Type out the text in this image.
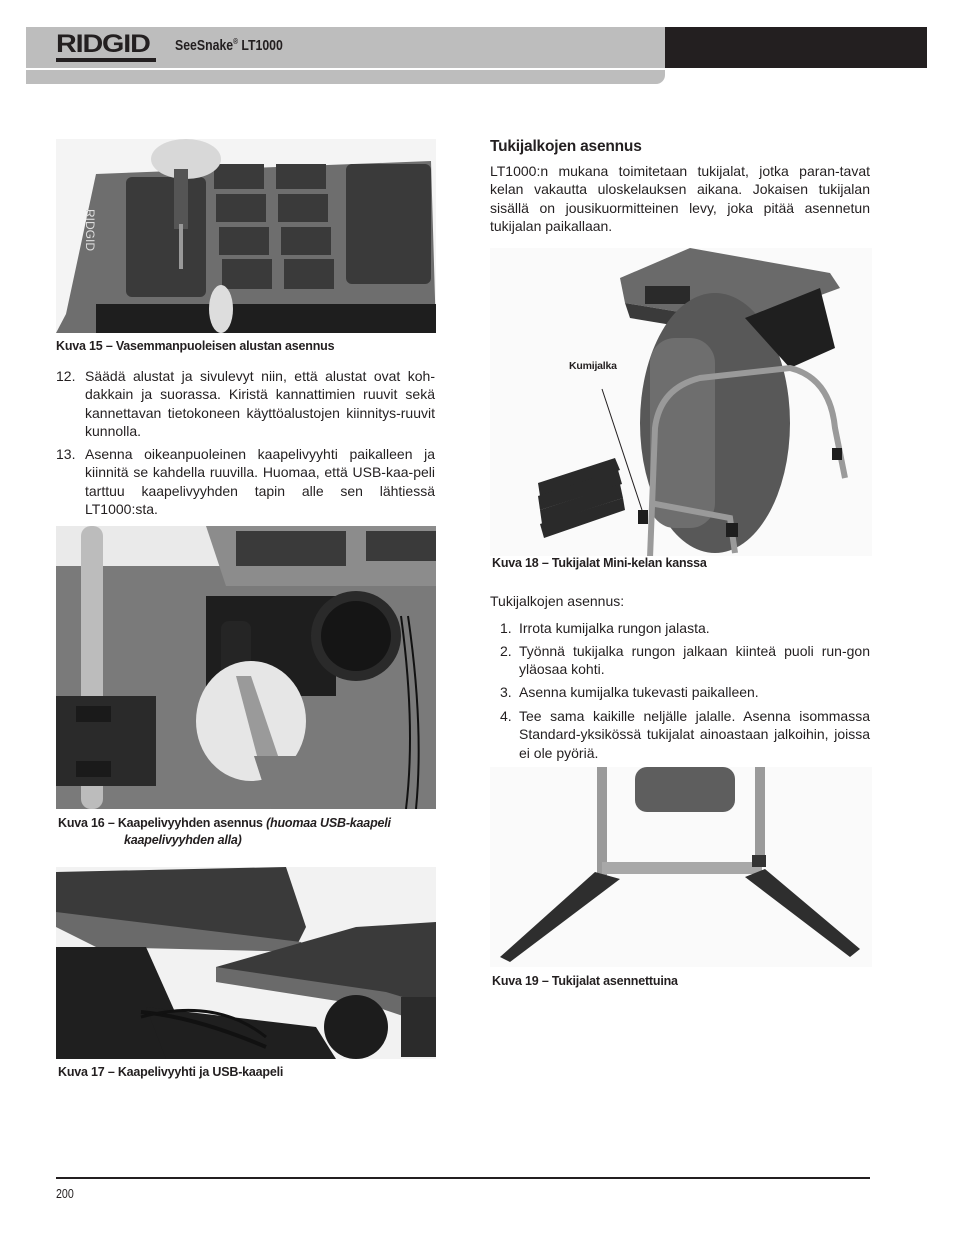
RIDGID SeeSnake® LT1000
RIDGID
Kuva 15 – Vasemmanpuoleisen alustan asennus
12. Säädä alustat ja sivulevyt niin, että alustat ovat koh-dakkain ja suorassa. Kiristä kannattimien ruuvit sekä kannettavan tietokoneen käyttöalustojen kiinnitys-ruuvit kunnolla.
13. Asenna oikeanpuoleinen kaapelivyyhti paikalleen ja kiinnitä se kahdella ruuvilla. Huomaa, että USB-kaa-peli tarttuu kaapelivyyhden tapin alle sen lähtiessä LT1000:sta.
Kuva 16 – Kaapelivyyhden asennus (huomaa USB-kaapeli
kaapelivyyhden alla)
Kuva 17 – Kaapelivyyhti ja USB-kaapeli
Tukijalkojen asennus
LT1000:n mukana toimitetaan tukijalat, jotka paran-tavat kelan vakautta uloskelauksen aikana. Jokaisen tukijalan sisällä on jousikuormitteinen levy, joka pitää asennetun tukijalan paikallaan.
Kumijalka
Kuva 18 – Tukijalat Mini-kelan kanssa
Tukijalkojen asennus:
1. Irrota kumijalka rungon jalasta.
2. Työnnä tukijalka rungon jalkaan kiinteä puoli run-gon yläosaa kohti.
3. Asenna kumijalka tukevasti paikalleen.
4. Tee sama kaikille neljälle jalalle. Asenna isommassa Standard-yksikössä tukijalat ainoastaan jalkoihin, joissa ei ole pyöriä.
Kuva 19 – Tukijalat asennettuina
200
